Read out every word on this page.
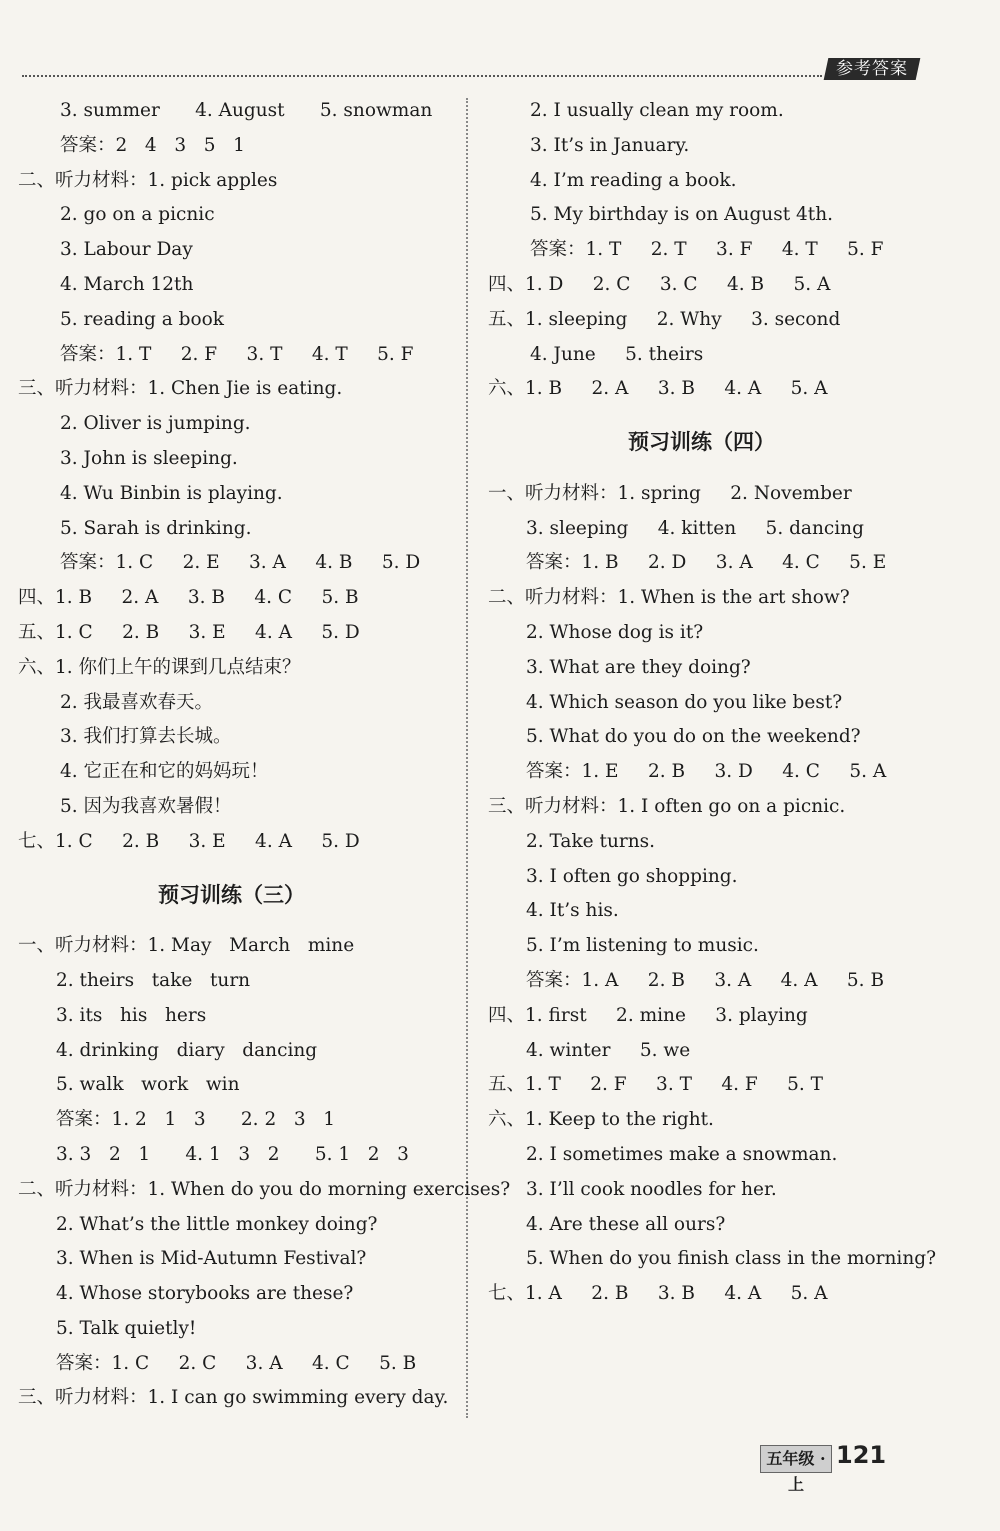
参考答案
3. summer      4. August      5. snowman
答案：2   4   3   5   1
二、听力材料：1. pick apples
2. go on a picnic
3. Labour Day
4. March 12th
5. reading a book
答案：1. T     2. F     3. T     4. T     5. F
三、听力材料：1. Chen Jie is eating.
2. Oliver is jumping.
3. John is sleeping.
4. Wu Binbin is playing.
5. Sarah is drinking.
答案：1. C     2. E     3. A     4. B     5. D
四、1. B     2. A     3. B     4. C     5. B
五、1. C     2. B     3. E     4. A     5. D
六、1. 你们上午的课到几点结束？
2. 我最喜欢春天。
3. 我们打算去长城。
4. 它正在和它的妈妈玩！
5. 因为我喜欢暑假！
七、1. C     2. B     3. E     4. A     5. D
预习训练（三）
一、听力材料：1. May   March   mine
2. theirs   take   turn
3. its   his   hers
4. drinking   diary   dancing
5. walk   work   win
答案：1. 2   1   3      2. 2   3   1
3. 3   2   1      4. 1   3   2      5. 1   2   3
二、听力材料：1. When do you do morning exercises?
2. What’s the little monkey doing?
3. When is Mid-Autumn Festival?
4. Whose storybooks are these?
5. Talk quietly!
答案：1. C     2. C     3. A     4. C     5. B
三、听力材料：1. I can go swimming every day.
2. I usually clean my room.
3. It’s in January.
4. I’m reading a book.
5. My birthday is on August 4th.
答案：1. T     2. T     3. F     4. T     5. F
四、1. D     2. C     3. C     4. B     5. A
五、1. sleeping     2. Why     3. second
4. June     5. theirs
六、1. B     2. A     3. B     4. A     5. A
预习训练（四）
一、听力材料：1. spring     2. November
3. sleeping     4. kitten     5. dancing
答案：1. B     2. D     3. A     4. C     5. E
二、听力材料：1. When is the art show?
2. Whose dog is it?
3. What are they doing?
4. Which season do you like best?
5. What do you do on the weekend?
答案：1. E     2. B     3. D     4. C     5. A
三、听力材料：1. I often go on a picnic.
2. Take turns.
3. I often go shopping.
4. It’s his.
5. I’m listening to music.
答案：1. A     2. B     3. A     4. A     5. B
四、1. first     2. mine     3. playing
4. winter     5. we
五、1. T     2. F     3. T     4. F     5. T
六、1. Keep to the right.
2. I sometimes make a snowman.
3. I’ll cook noodles for her.
4. Are these all ours?
5. When do you finish class in the morning?
七、1. A     2. B     3. B     4. A     5. A
五年级 · 上
121
